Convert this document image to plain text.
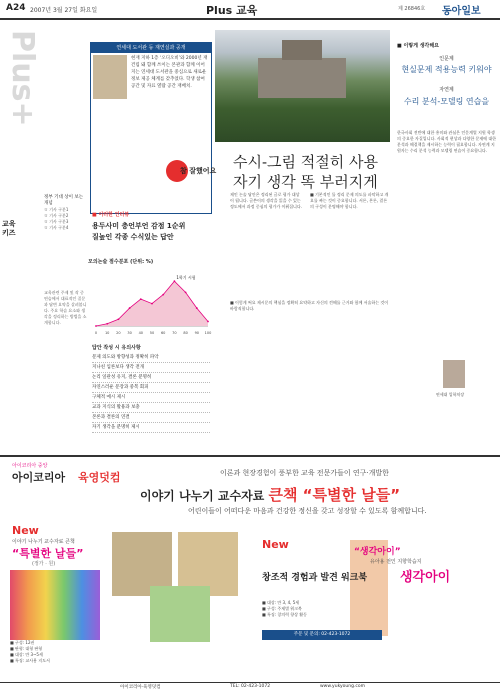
A24 2007년 3월 27일 화요일	Plus 교육	제 26846호 동아일보
Plus+
교육
키즈
정부 기대 상이 보는 개념
ㅁ 기사 구분1
ㅁ 기사 구분2
ㅁ 기사 구분3
ㅁ 기사 구분4
교육관련 주제 및 작 중 연습에서 대표적인 질문과 답변 요약을 살펴봅니다. 주요 학습 요소와 생각을 정리하는 방법을 소개합니다.
연세대 도서관 등 재연실과 공개
현재 지하 1층 ‘오디오비’와 2000년 재건립 돼 함께 쓰이는 본관과 함께 이어지는 연세대 도서관을 중심으로 새로운 정보 제공 체계를 갖추었다. 학생 참여 공간 및 자료 열람 공간 재배치.
참 잘했어요 수시-그림 적절히 사용
자기 생각 똑 부러지게
■ 이러한 인터뷰
용두사미 충언부언 감점 1순위
질높인 각종 수식있는 답안
모의논술 점수분포 (단위: %)
0 10 20 30 40 50 60 70 80 90 100
1학기 시험
답안 작성 시 유의사항
문제 의도와 방향성과 정확히 파악
지나친 입론보다 생각 전개
논리 일관성 유지, 결론 분명히
자연스러운 문장과 중복 회피
구체적 예시 제시
교과 지식의 활용과 보충
본론과 결론의 연결
자기 생각을 분명히 제시
제인 논술 답안은 정리된 글로 평가 대상이 됩니다. 글쓴이의 생각을 읽을 수 있는 정도에서 과정 중심의 평가가 이뤄집니다.
■ 기본적인 틀 정리 문제 의도를 파악하고 개요를 짜는 것이 중요합니다. 서론, 본론, 결론의 구성이 분명해야 합니다.
■ 이렇게 써요 제시문의 핵심을 정확히 요약하고 자신의 견해를 근거와 함께 서술하는 것이 바람직합니다.
■ 이렇게 생각해요
인문계
현실문제 적용능력 키워야
수리 분석-모델링 연습을
자연계
한국사회 전반에 대한 흥미와 관심은 인문계열 지원 학생의 중요한 자질입니다. 사회적 현상과 다양한 문제에 대한 분석과 해결책을 제시하는 능력이 필요합니다. 자연계 지원자는 수리 분석 능력과 모델링 연습이 중요합니다.
연세대 입학처장
아이코리아 중앙
아이코리아 육영덧컴	이론과 현장경험이 풍부한 교육 전문가들이 연구·개발한
이야기 나누기 교수자료 큰책 “특별한 날들”
어린이들이 어떠다운 마음과 건강한 정신을 갖고 성장할 수 있도록 함께합니다.
New
이야기 나누기 교수자료 큰책
“특별한 날들”
(정가 · 원)
New
“생각아이”
유아용 전인 지향학습지
창조적 경험과 발견 워크북	생각아이
■ 구성: 12권
■ 판형: 대형 판형
■ 대상: 만 3~5세
■ 특징: 교사용 지도서
■ 대상: 만 3, 4, 5세
■ 구성: 주제별 워크북
■ 특징: 창의력 향상 활동
주문 및 문의: 02-423-1072
아이코리아·육영덧컴	TEL: 02-423-1072	www.yukyoung.com
